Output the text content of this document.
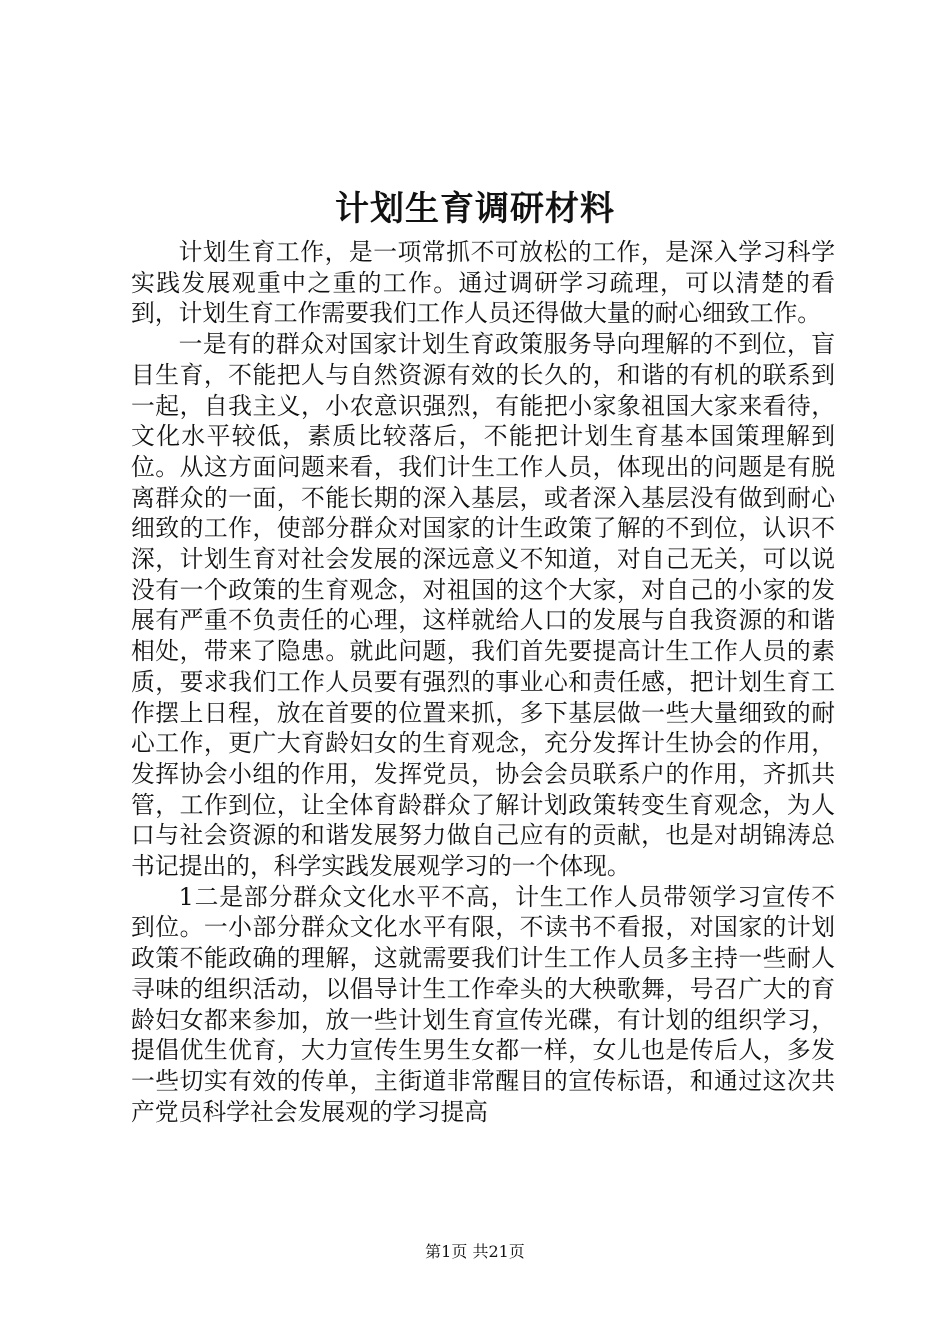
计划生育调研材料

计划生育工作，是一项常抓不可放松的工作，是深入学习科学实践发展观重中之重的工作。通过调研学习疏理，可以清楚的看到，计划生育工作需要我们工作人员还得做大量的耐心细致工作。

一是有的群众对国家计划生育政策服务导向理解的不到位，盲目生育，不能把人与自然资源有效的长久的，和谐的有机的联系到一起，自我主义，小农意识强烈，有能把小家象祖国大家来看待，文化水平较低，素质比较落后，不能把计划生育基本国策理解到位。从这方面问题来看，我们计生工作人员，体现出的问题是有脱离群众的一面，不能长期的深入基层，或者深入基层没有做到耐心细致的工作，使部分群众对国家的计生政策了解的不到位，认识不深，计划生育对社会发展的深远意义不知道，对自己无关，可以说没有一个政策的生育观念，对祖国的这个大家，对自己的小家的发展有严重不负责任的心理，这样就给人口的发展与自我资源的和谐相处，带来了隐患。就此问题，我们首先要提高计生工作人员的素质，要求我们工作人员要有强烈的事业心和责任感，把计划生育工作摆上日程，放在首要的位置来抓，多下基层做一些大量细致的耐心工作，更广大育龄妇女的生育观念，充分发挥计生协会的作用，发挥协会小组的作用，发挥党员，协会会员联系户的作用，齐抓共管，工作到位，让全体育龄群众了解计划政策转变生育观念，为人口与社会资源的和谐发展努力做自己应有的贡献，也是对胡锦涛总书记提出的，科学实践发展观学习的一个体现。

1二是部分群众文化水平不高，计生工作人员带领学习宣传不到位。一小部分群众文化水平有限，不读书不看报，对国家的计划政策不能政确的理解，这就需要我们计生工作人员多主持一些耐人寻味的组织活动，以倡导计生工作牵头的大秧歌舞，号召广大的育龄妇女都来参加，放一些计划生育宣传光碟，有计划的组织学习，提倡优生优育，大力宣传生男生女都一样，女儿也是传后人，多发一些切实有效的传单，主街道非常醒目的宣传标语，和通过这次共产党员科学社会发展观的学习提高

第1页 共21页
